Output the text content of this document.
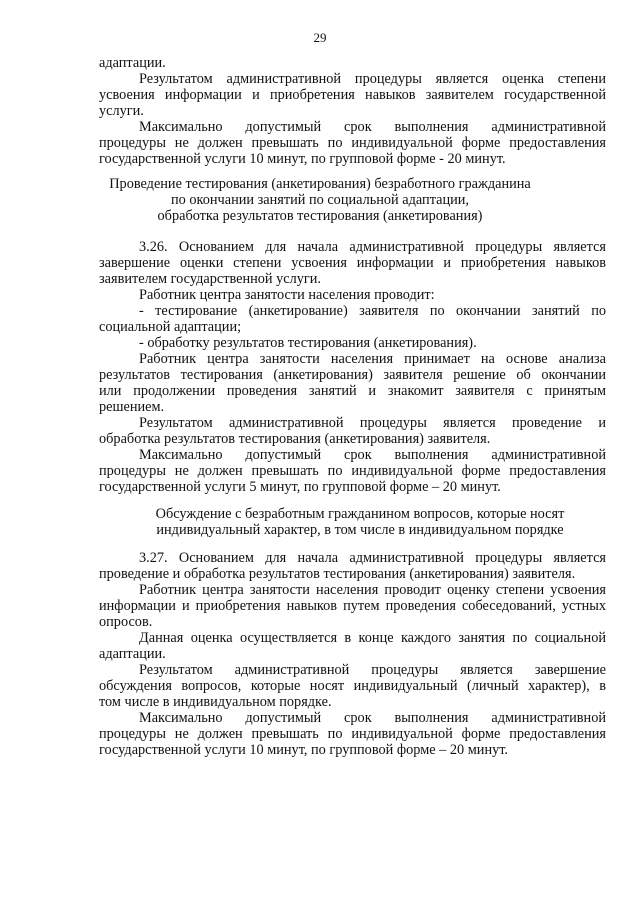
29
адаптации.
Результатом административной процедуры является оценка степени
усвоения информации и приобретения навыков заявителем государственной
услуги.
Максимально допустимый срок выполнения административной
процедуры не должен превышать по индивидуальной форме предоставления
государственной услуги 10 минут, по групповой форме - 20 минут.
Проведение тестирования (анкетирования) безработного гражданина
по окончании занятий по социальной адаптации,
обработка результатов тестирования (анкетирования)
3.26. Основанием для начала административной процедуры является
завершение оценки степени усвоения информации и приобретения навыков
заявителем государственной услуги.
Работник центра занятости населения проводит:
- тестирование (анкетирование) заявителя по окончании занятий по
социальной адаптации;
- обработку результатов тестирования (анкетирования).
Работник центра занятости населения принимает на основе анализа
результатов тестирования (анкетирования) заявителя решение об окончании
или продолжении проведения занятий и знакомит заявителя с принятым
решением.
Результатом административной процедуры является проведение и
обработка результатов тестирования (анкетирования) заявителя.
Максимально допустимый срок выполнения административной
процедуры не должен превышать по индивидуальной форме предоставления
государственной услуги 5 минут, по групповой форме – 20 минут.
Обсуждение с безработным гражданином вопросов, которые носят
индивидуальный характер, в том числе в индивидуальном порядке
3.27. Основанием для начала административной процедуры является
проведение и обработка результатов тестирования (анкетирования) заявителя.
Работник центра занятости населения проводит оценку степени усвоения
информации и приобретения навыков путем проведения собеседований, устных
опросов.
Данная оценка осуществляется в конце каждого занятия по социальной
адаптации.
Результатом административной процедуры является завершение
обсуждения вопросов, которые носят индивидуальный (личный характер), в
том числе в индивидуальном порядке.
Максимально допустимый срок выполнения административной
процедуры не должен превышать по индивидуальной форме предоставления
государственной услуги 10 минут, по групповой форме – 20 минут.
